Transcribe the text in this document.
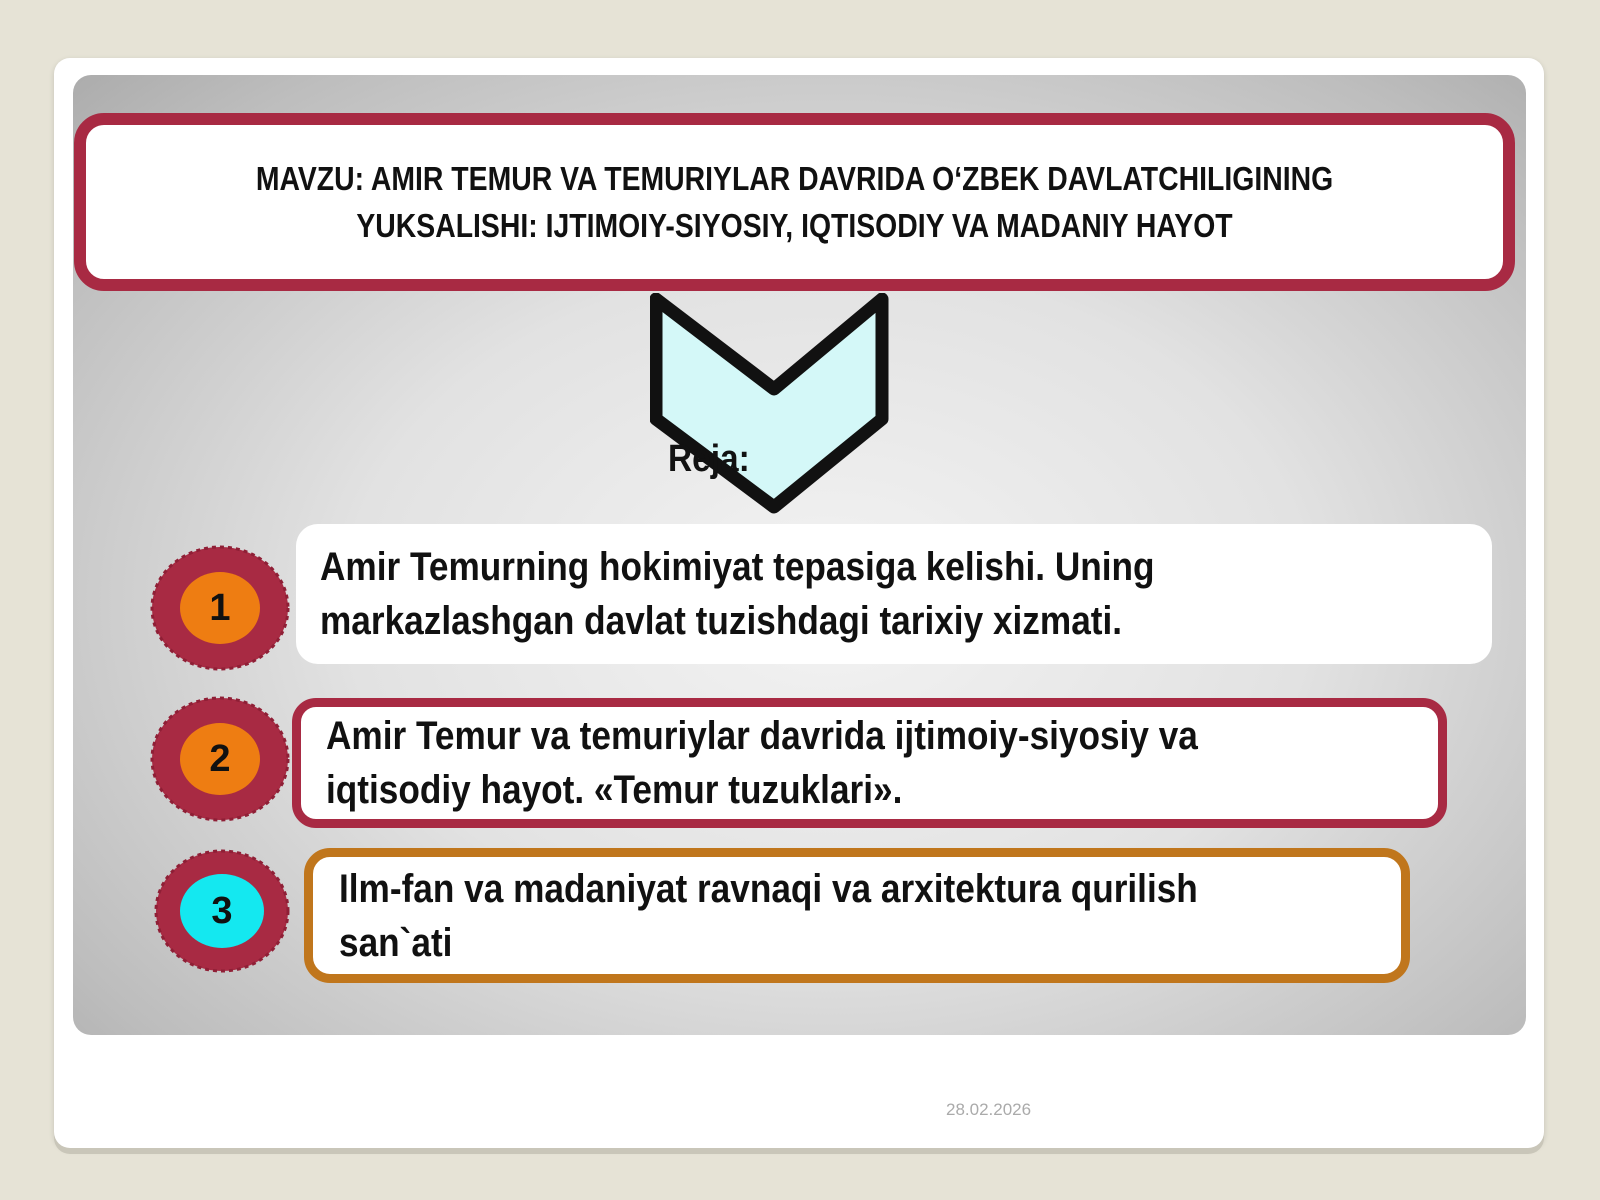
MAVZU: AMIR TEMUR VA TEMURIYLAR DAVRIDA O‘ZBEK DAVLATCHILIGINING YUKSALISHI: IJTIMOIY-SIYOSIY, IQTISODIY VA MADANIY HAYOT
Reja:
1
2
3
Amir Temurning hokimiyat tepasiga kelishi. Uning markazlashgan davlat tuzishdagi tarixiy xizmati.
Amir Temur va temuriylar davrida ijtimoiy-siyosiy va iqtisodiy hayot. «Temur tuzuklari».
Ilm-fan va madaniyat ravnaqi va arxitektura qurilish san`ati
28.02.2026
